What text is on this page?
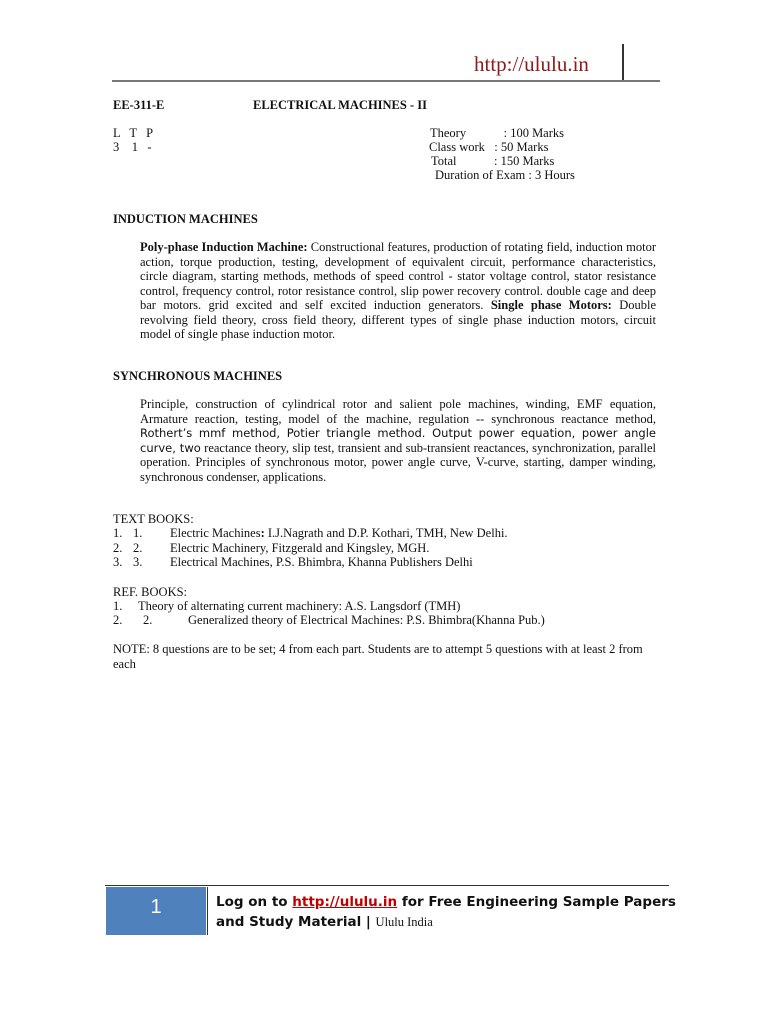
http://ululu.in
EE-311-E	ELECTRICAL MACHINES - II
L   T   P
3    1   -
Theory            : 100 Marks
Class work   : 50 Marks
Total            : 150 Marks
Duration of Exam : 3 Hours
INDUCTION MACHINES
Poly-phase Induction Machine: Constructional features, production of rotating field, induction motor action, torque production, testing, development of equivalent circuit, performance characteristics, circle diagram, starting methods, methods of speed control - stator voltage control, stator resistance control, frequency control, rotor resistance control, slip power recovery control. double cage and deep bar motors. grid excited and self excited induction generators. Single phase Motors: Double revolving field theory, cross field theory, different types of single phase induction motors, circuit model of single phase induction motor.
SYNCHRONOUS MACHINES
Principle, construction of cylindrical rotor and salient pole machines, winding, EMF equation, Armature reaction, testing, model of the machine, regulation -- synchronous reactance method, Rothert’s mmf method, Potier triangle method. Output power equation, power angle curve, two reactance theory, slip test, transient and sub-transient reactances, synchronization, parallel operation. Principles of synchronous motor, power angle curve, V-curve, starting, damper winding, synchronous condenser, applications.
TEXT BOOKS:
1. 1. Electric Machines: I.J.Nagrath and D.P. Kothari, TMH, New Delhi.
2. 2. Electric Machinery, Fitzgerald and Kingsley, MGH.
3. 3. Electrical Machines, P.S. Bhimbra, Khanna Publishers Delhi
REF. BOOKS:
1. Theory of alternating current machinery: A.S. Langsdorf (TMH)
2. 2.	Generalized theory of Electrical Machines: P.S. Bhimbra(Khanna Pub.)
NOTE: 8 questions are to be set; 4 from each part. Students are to attempt 5 questions with at least 2 from each
1	Log on to http://ululu.in for Free Engineering Sample Papers and Study Material | Ululu India
